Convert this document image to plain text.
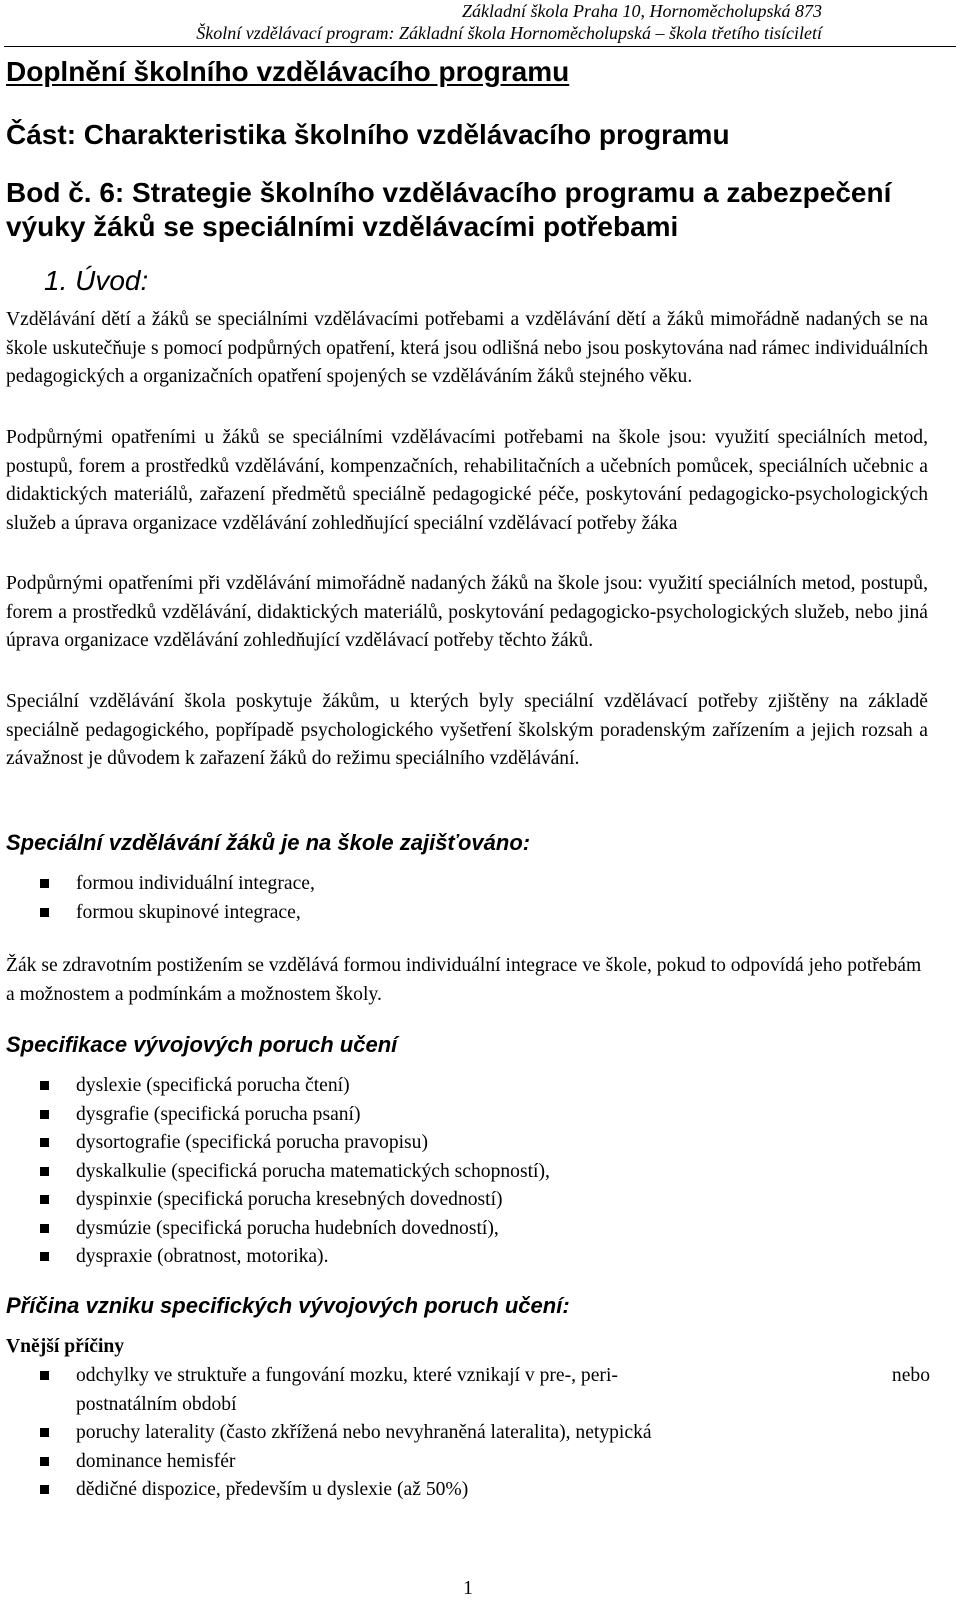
Základní škola Praha 10, Hornoměcholupská 873
Školní vzdělávací program: Základní škola Hornoměcholupská – škola třetího tisíciletí
Doplnění školního vzdělávacího programu
Část: Charakteristika školního vzdělávacího programu
Bod č. 6: Strategie školního vzdělávacího programu a zabezpečení výuky žáků se speciálními vzdělávacími potřebami
1. Úvod:
Vzdělávání dětí a žáků se speciálními vzdělávacími potřebami a vzdělávání dětí a žáků mimořádně nadaných se na škole uskutečňuje s pomocí podpůrných opatření, která jsou odlišná nebo jsou poskytována nad rámec individuálních pedagogických a organizačních opatření spojených se vzděláváním žáků stejného věku.
Podpůrnými opatřeními u žáků se speciálními vzdělávacími potřebami na škole jsou: využití speciálních metod, postupů, forem a prostředků vzdělávání, kompenzačních, rehabilitačních a učebních pomůcek, speciálních učebnic a didaktických materiálů, zařazení předmětů speciálně pedagogické péče, poskytování pedagogicko-psychologických služeb a úprava organizace vzdělávání zohledňující speciální vzdělávací potřeby žáka
Podpůrnými opatřeními při vzdělávání mimořádně nadaných žáků na škole jsou: využití speciálních metod, postupů, forem a prostředků vzdělávání, didaktických materiálů, poskytování pedagogicko-psychologických služeb, nebo jiná úprava organizace vzdělávání zohledňující vzdělávací potřeby těchto žáků.
Speciální vzdělávání škola poskytuje žákům, u kterých byly speciální vzdělávací potřeby zjištěny na základě speciálně pedagogického, popřípadě psychologického vyšetření školským poradenským zařízením a jejich rozsah a závažnost je důvodem k zařazení žáků do režimu speciálního vzdělávání.
Speciální vzdělávání žáků je na škole zajišťováno:
formou individuální integrace,
formou skupinové integrace,
Žák se zdravotním postižením se vzdělává formou individuální integrace ve škole, pokud to odpovídá jeho potřebám a možnostem a podmínkám a možnostem školy.
Specifikace vývojových poruch učení
dyslexie (specifická porucha čtení)
dysgrafie (specifická porucha psaní)
dysortografie (specifická porucha pravopisu)
dyskalkulie (specifická porucha matematických schopností),
dyspinxie (specifická porucha kresebných dovedností)
dysmúzie (specifická porucha hudebních dovedností),
dyspraxie (obratnost, motorika).
Příčina vzniku specifických vývojových poruch učení:
Vnější příčiny
odchylky ve struktuře a fungování mozku, které vznikají v pre-, peri-	nebo
postnatálním období
poruchy laterality (často zkřížená nebo nevyhraněná lateralita), netypická
dominance hemisfér
dědičné dispozice, především u dyslexie (až 50%)
1
